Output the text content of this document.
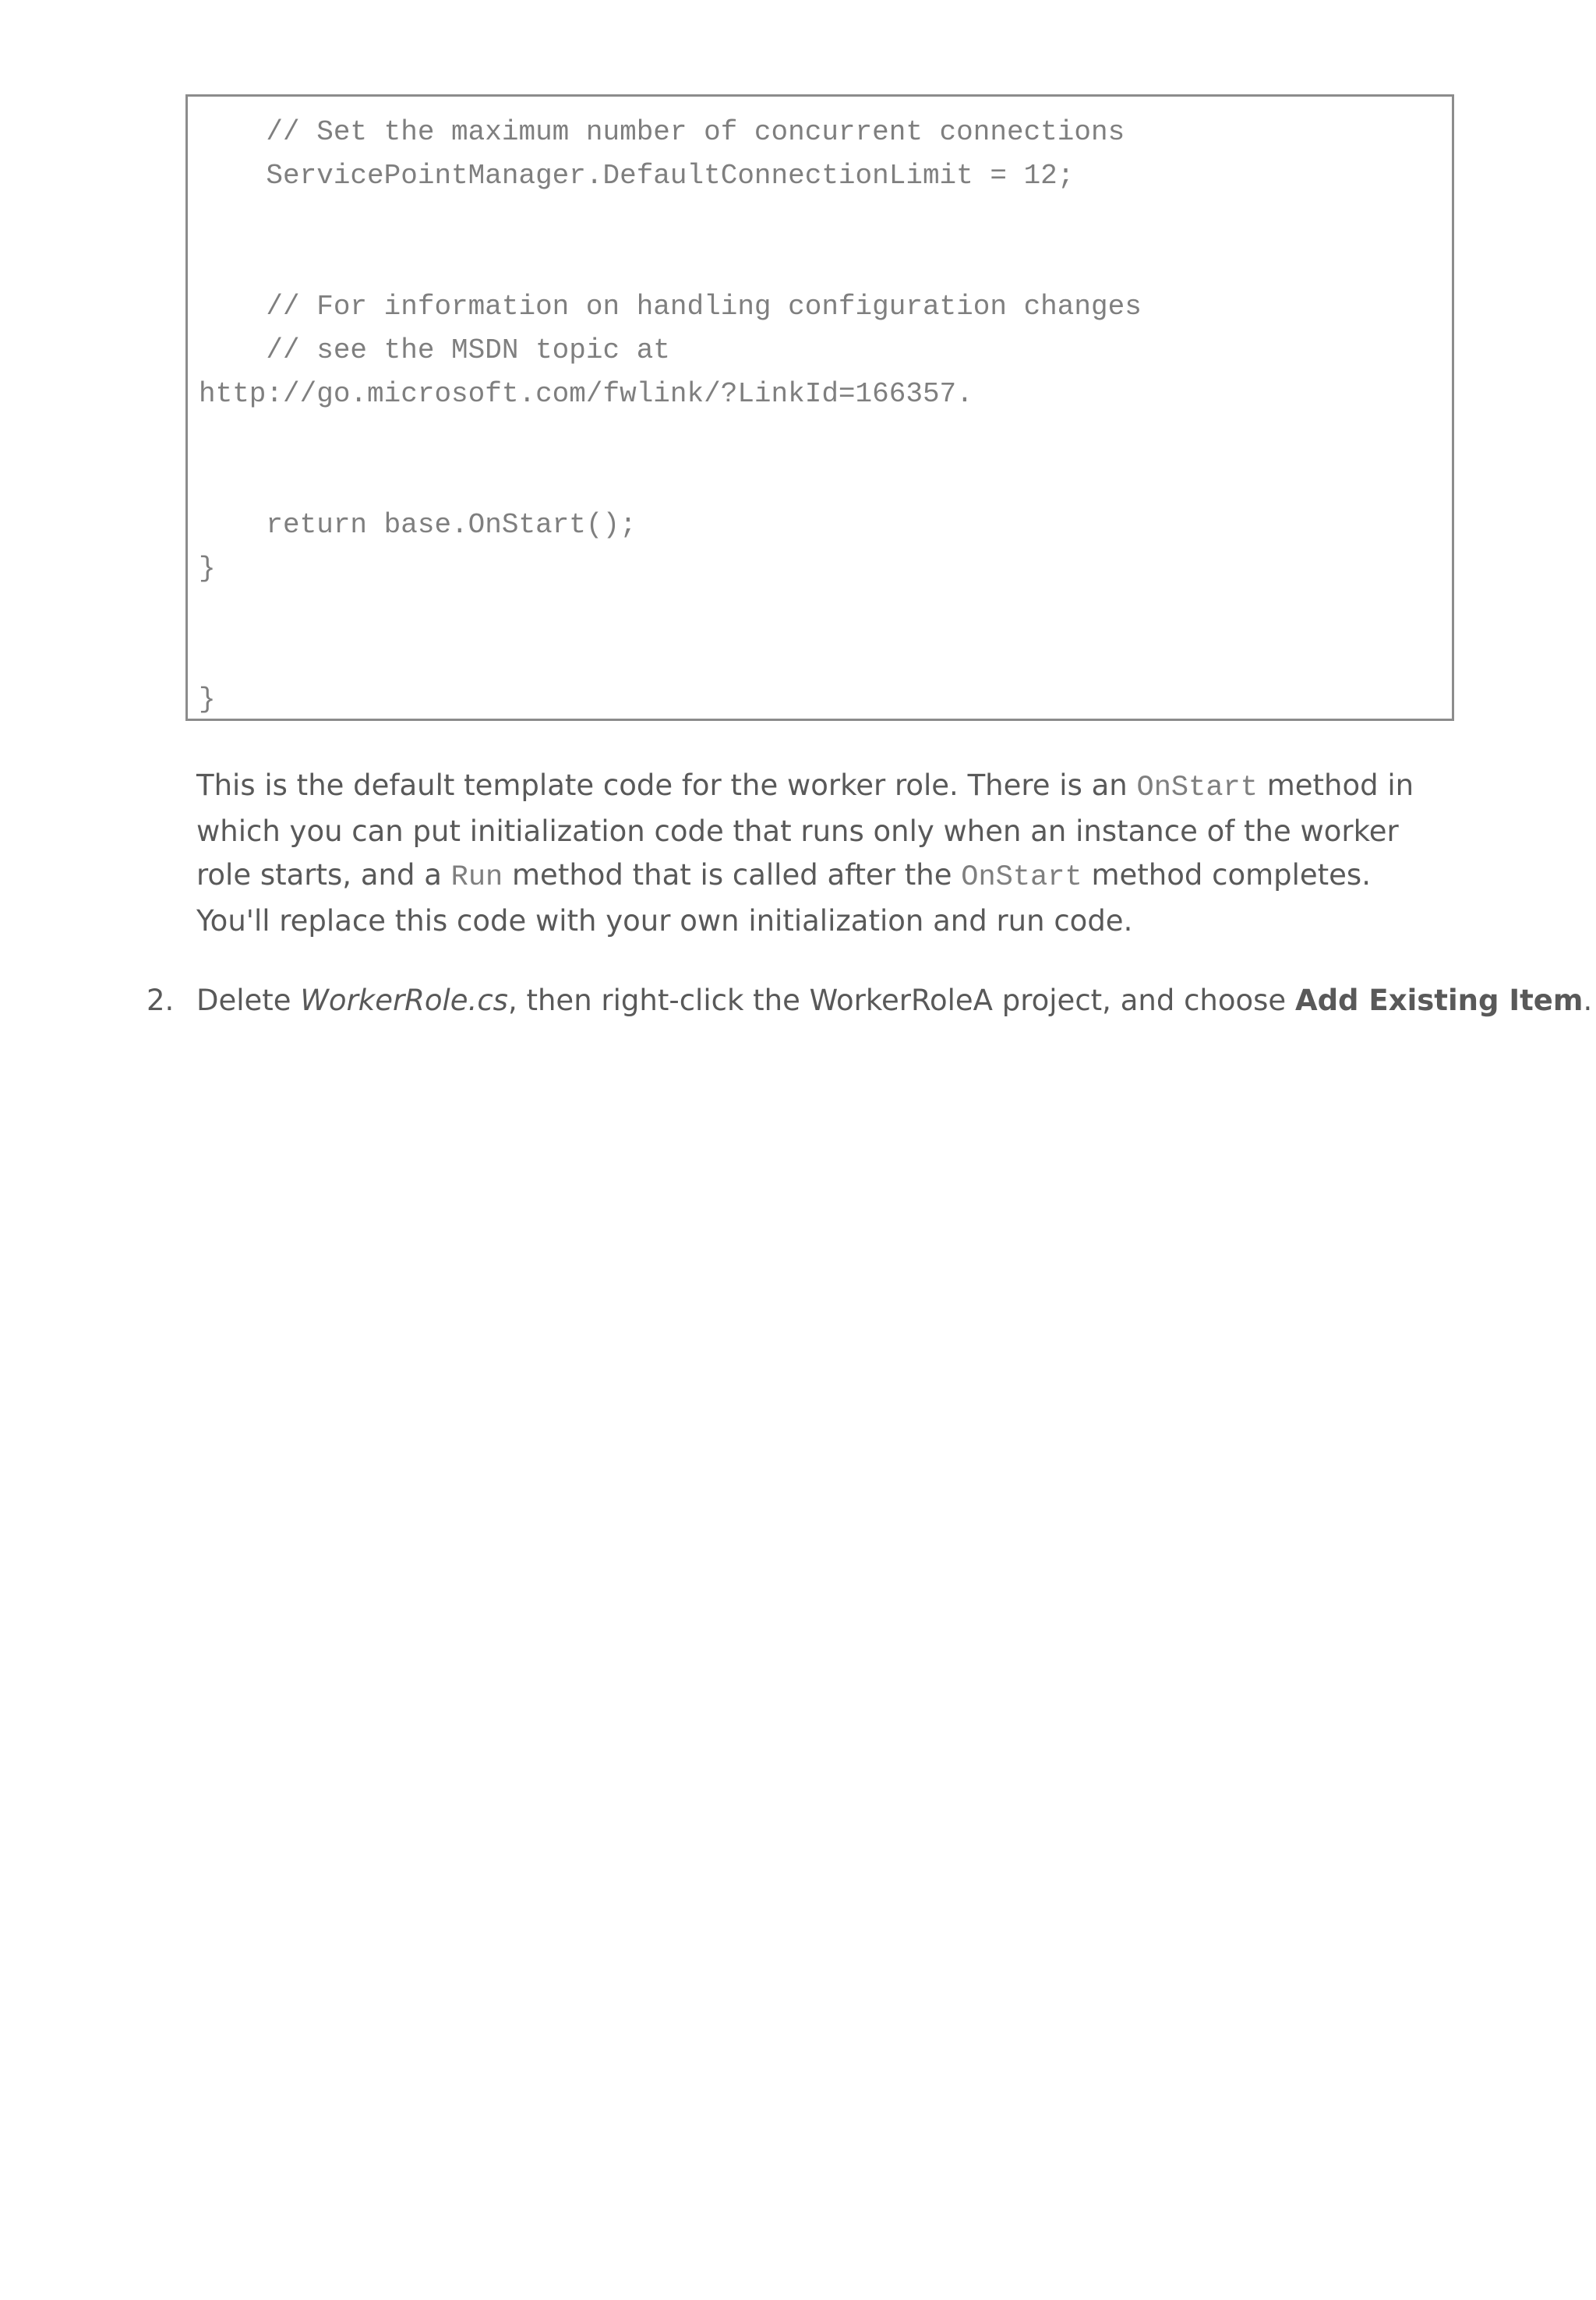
// Set the maximum number of concurrent connections
ServicePointManager.DefaultConnectionLimit = 12;
// For information on handling configuration changes
// see the MSDN topic at
http://go.microsoft.com/fwlink/?LinkId=166357.
return base.OnStart();
}
}

This is the default template code for the worker role. There is an OnStart method in which you can put initialization code that runs only when an instance of the worker role starts, and a Run method that is called after the OnStart method completes. You'll replace this code with your own initialization and run code.

2. Delete WorkerRole.cs, then right-click the WorkerRoleA project, and choose Add Existing Item.
